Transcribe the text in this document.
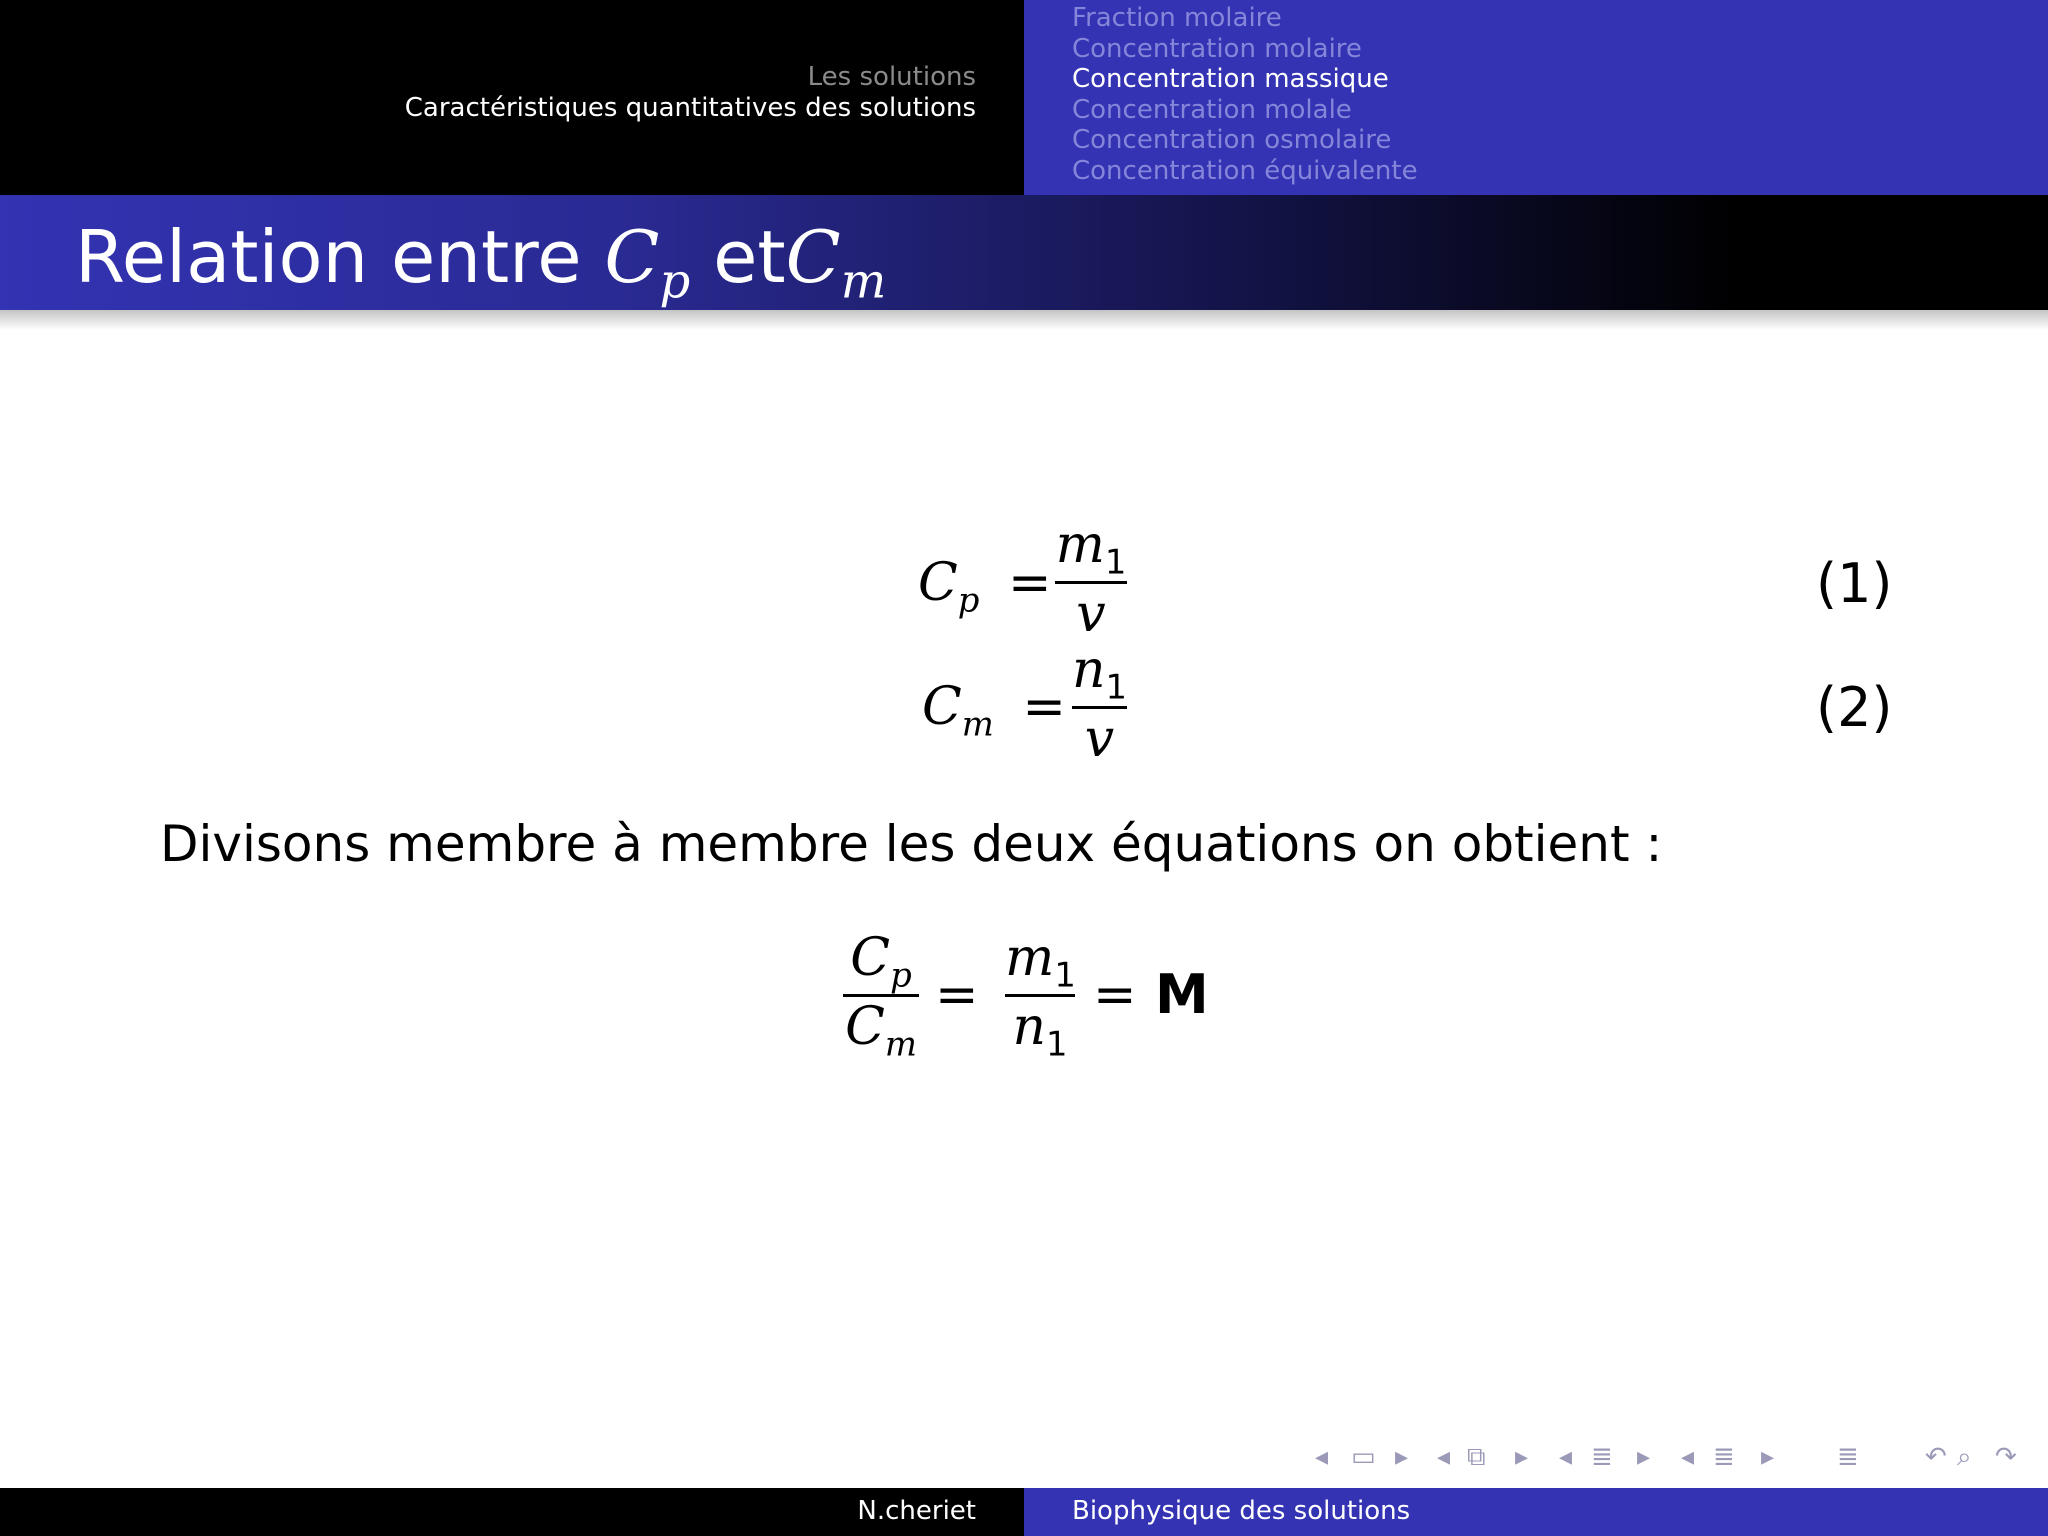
Les solutions
Caractéristiques quantitatives des solutions
Fraction molaire
Concentration molaire
Concentration massique
Concentration molale
Concentration osmolaire
Concentration équivalente
Relation entre $C_p$ etC$_m$
$C_p$ =
$m_1$
v	(1)
$C_m$ =
$n_1$
v
(2)
Divisons membre à membre les deux équations on obtient :
$C_p$
$C_m$
=
$m_1$
$n_1$
= M
◂ ▭ ▸ ◂ ⧉ ▸ ◂ ≣ ▸ ◂ ≣ ▸ ≣	↶ ⌕ ↷
N.cheriet	Biophysique des solutions
